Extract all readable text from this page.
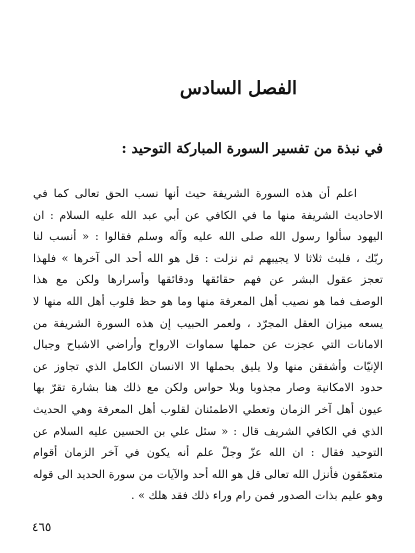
الفصل السادس
في نبذة من تفسير السورة المباركة التوحيد :
اعلم أن هذه السورة الشريفة حيث أنها نسب الحق تعالى كما في
الاحاديث الشريفة منها ما في الكافي عن أبي عبد الله عليه السلام : ان
اليهود سألوا رسول الله صلى الله عليه وآله وسلم فقالوا : « أنسب لنا
ربّك ، فلبث ثلاثا لا يجيبهم ثم نزلت : قل هو الله أحد الى آخرها » فلهذا
تعجز عقول البشر عن فهم حقائقها ودقائقها وأسرارها ولكن مع هذا
الوصف فما هو نصيب أهل المعرفة منها وما هو حظ قلوب أهل الله منها لا
يسعه ميزان العقل المجرّد ، ولعمر الحبيب إن هذه السورة الشريفة من
الامانات التي عجزت عن حملها سماوات الارواح وأراضي الاشباح وجبال
الإنيّات وأشفقن منها ولا يليق بحملها الا الانسان الكامل الذي تجاوز عن
حدود الامكانية وصار مجذوبا وبلا حواس ولكن مع ذلك هنا بشارة تقرّ بها
عيون أهل آخر الزمان وتعطي الاطمئنان لقلوب أهل المعرفة وهي الحديث
الذي في الكافي الشريف قال : « سئل علي بن الحسين عليه السلام عن
التوحيد فقال : ان الله عزّ وجلّ علم أنه يكون في آخر الزمان أقوام
متعمّقون فأنزل الله تعالى قل هو الله أحد والآيات من سورة الحديد الى قوله
وهو عليم بذات الصدور فمن رام وراء ذلك فقد هلك » .
٤٦٥
